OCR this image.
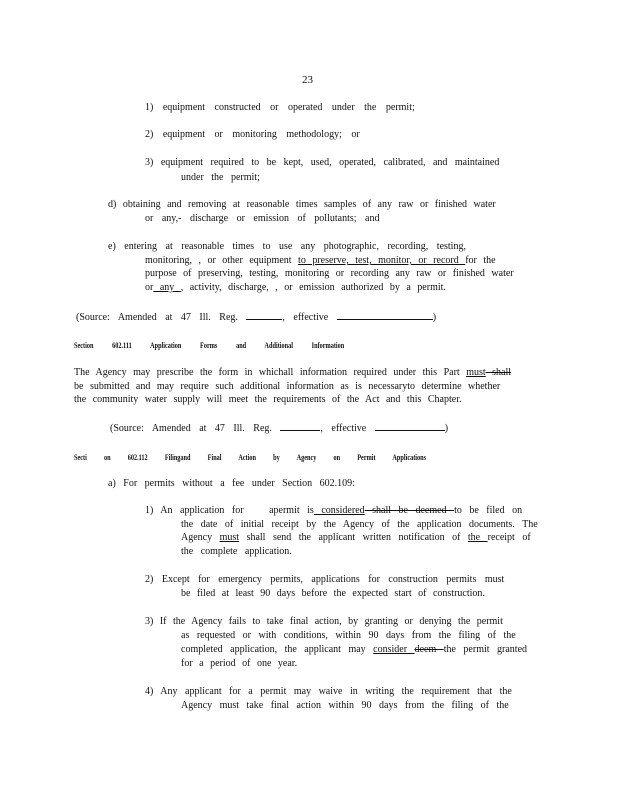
23
1) equipment constructed or operated under the permit;
2) equipment or monitoring methodology; or
3) equipment required to be kept, used, operated, calibrated, and maintained
under the permit;
d) obtaining and removing at reasonable times samples of any raw or finished water
or any,- discharge or emission of pollutants; and
e) entering at reasonable times to use any photographic, recording, testing,
monitoring, , or other equipment to preserve, test, monitor, or record for the
purpose of preserving, testing, monitoring or recording any raw or finished water
or any , activity, discharge, , or emission authorized by a permit.
(Source: Amended at 47 Ill. Reg.	, effective	)
Section 602.111 Application Forms and Additional Information
The Agency may prescribe the form in whichall information required under this Part must shall
be submitted and may require such additional information as is necessaryto determine whether
the community water supply will meet the requirements of the Act and this Chapter.
(Source: Amended at 47 Ill. Reg.	, effective	)
Secti on 602.112 Filingand Final Action by Agency on Permit Applications
a) For permits without a fee under Section 602.109:
1) An application for apermit is considered shall be deemed to be filed on
the date of initial receipt by the Agency of the application documents. The
Agency must shall send the applicant written notification of the receipt of
the complete application.
2) Except for emergency permits, applications for construction permits must
be filed at least 90 days before the expected start of construction.
3) If the Agency fails to take final action, by granting or denying the permit
as requested or with conditions, within 90 days from the filing of the
completed application, the applicant may consider deem the permit granted
for a period of one year.
4) Any applicant for a permit may waive in writing the requirement that the
Agency must take final action within 90 days from the filing of the
